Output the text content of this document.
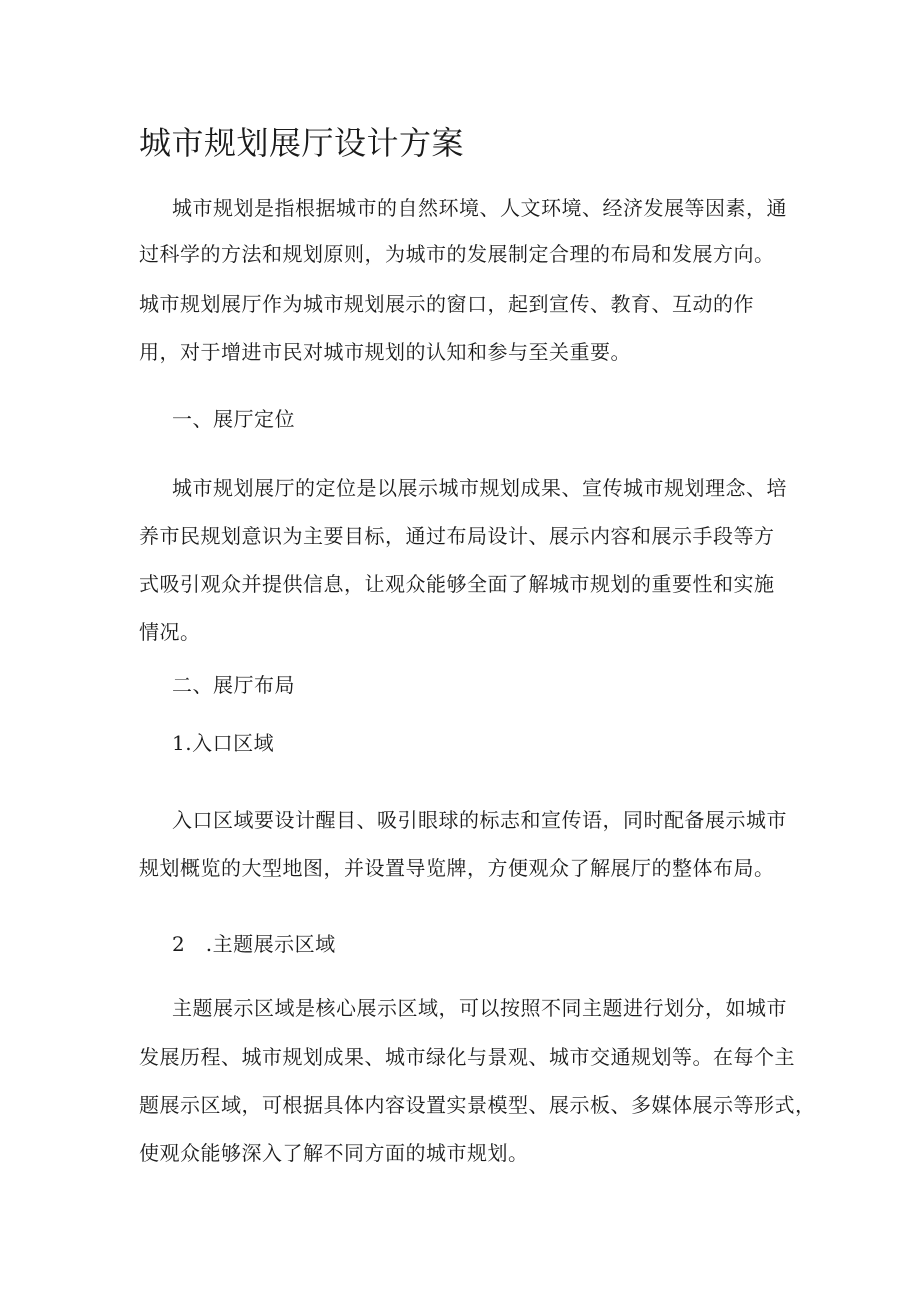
城市规划展厅设计方案

城市规划是指根据城市的自然环境、人文环境、经济发展等因素，通

过科学的方法和规划原则，为城市的发展制定合理的布局和发展方向。

城市规划展厅作为城市规划展示的窗口，起到宣传、教育、互动的作

用，对于增进市民对城市规划的认知和参与至关重要。

一、展厅定位

城市规划展厅的定位是以展示城市规划成果、宣传城市规划理念、培

养市民规划意识为主要目标，通过布局设计、展示内容和展示手段等方

式吸引观众并提供信息，让观众能够全面了解城市规划的重要性和实施

情况。

二、展厅布局

1.入口区域

入口区域要设计醒目、吸引眼球的标志和宣传语，同时配备展示城市

规划概览的大型地图，并设置导览牌，方便观众了解展厅的整体布局。

2　.主题展示区域

主题展示区域是核心展示区域，可以按照不同主题进行划分，如城市

发展历程、城市规划成果、城市绿化与景观、城市交通规划等。在每个主

题展示区域，可根据具体内容设置实景模型、展示板、多媒体展示等形式，

使观众能够深入了解不同方面的城市规划。
